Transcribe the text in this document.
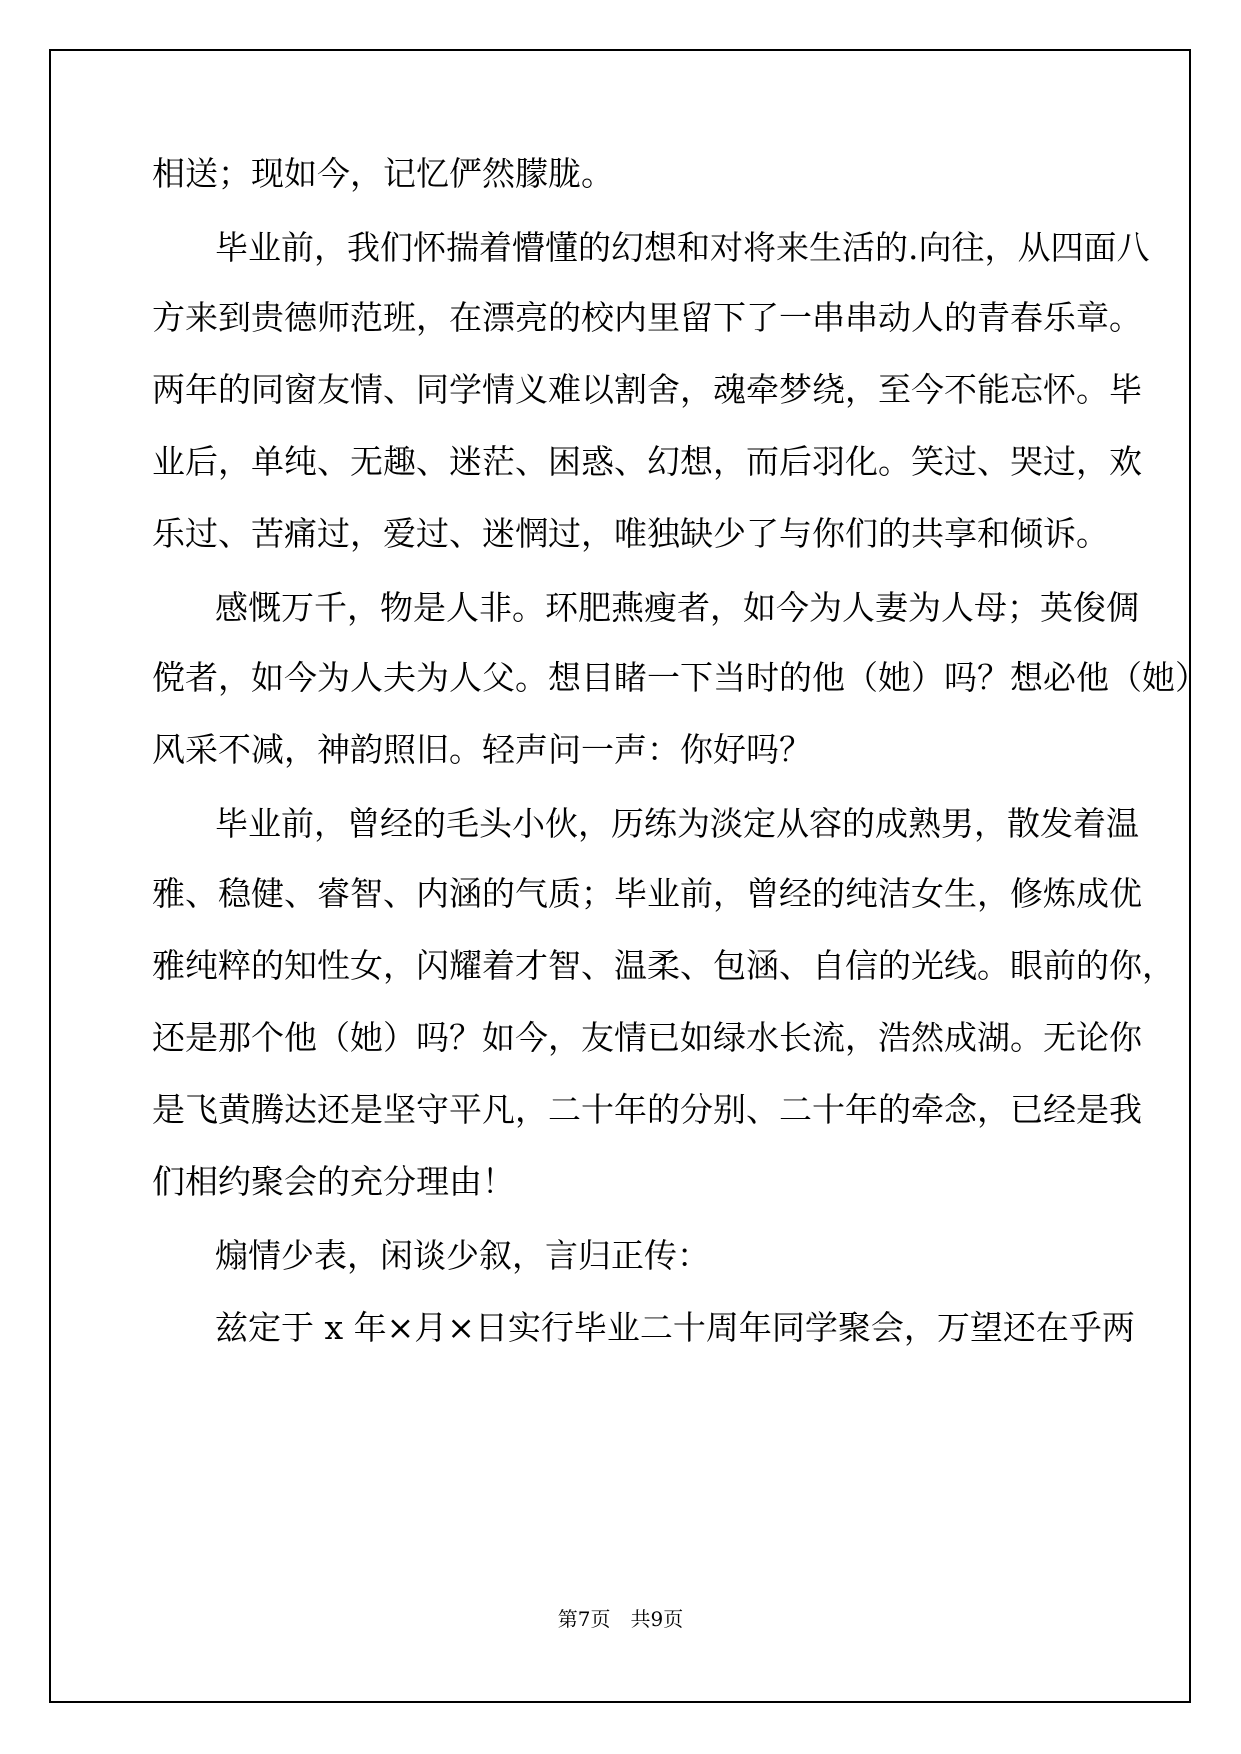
相送；现如今，记忆俨然朦胧。
毕业前，我们怀揣着懵懂的幻想和对将来生活的.向往，从四面八
方来到贵德师范班，在漂亮的校内里留下了一串串动人的青春乐章。
两年的同窗友情、同学情义难以割舍，魂牵梦绕，至今不能忘怀。毕
业后，单纯、无趣、迷茫、困惑、幻想，而后羽化。笑过、哭过，欢
乐过、苦痛过，爱过、迷惘过，唯独缺少了与你们的共享和倾诉。
感慨万千，物是人非。环肥燕瘦者，如今为人妻为人母；英俊倜
傥者，如今为人夫为人父。想目睹一下当时的他（她）吗？想必他（她）
风采不减，神韵照旧。轻声问一声：你好吗？
毕业前，曾经的毛头小伙，历练为淡定从容的成熟男，散发着温
雅、稳健、睿智、内涵的气质；毕业前，曾经的纯洁女生，修炼成优
雅纯粹的知性女，闪耀着才智、温柔、包涵、自信的光线。眼前的你，
还是那个他（她）吗？如今，友情已如绿水长流，浩然成湖。无论你
是飞黄腾达还是坚守平凡，二十年的分别、二十年的牵念，已经是我
们相约聚会的充分理由！
煽情少表，闲谈少叙，言归正传：
兹定于 x 年×月×日实行毕业二十周年同学聚会，万望还在乎两
第7页　共9页
